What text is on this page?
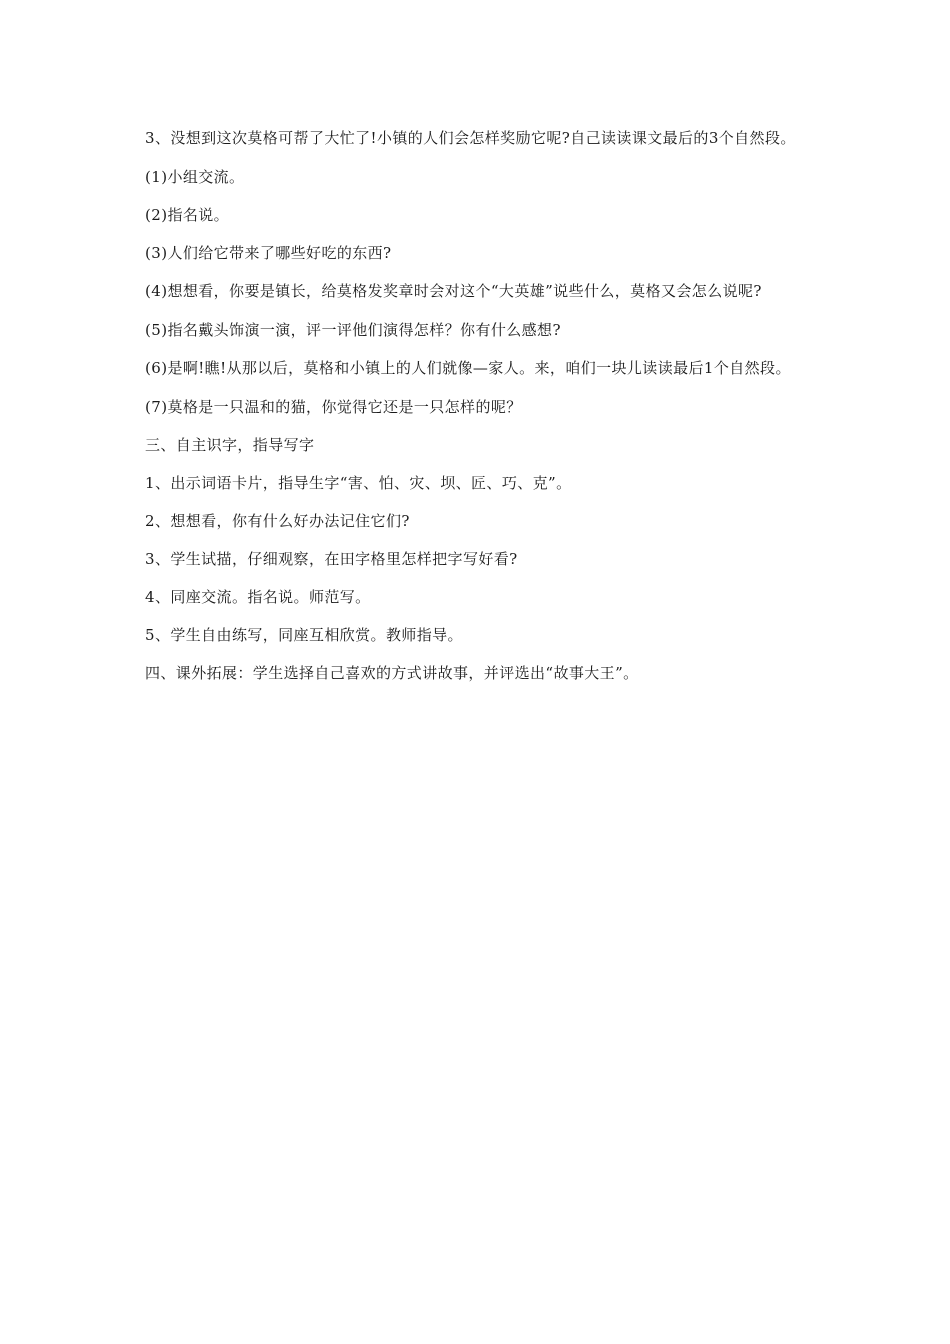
3、没想到这次莫格可帮了大忙了!小镇的人们会怎样奖励它呢?自己读读课文最后的3个自然段。

(1)小组交流。

(2)指名说。

(3)人们给它带来了哪些好吃的东西?

(4)想想看，你要是镇长，给莫格发奖章时会对这个“大英雄”说些什么，莫格又会怎么说呢?

(5)指名戴头饰演一演，评一评他们演得怎样？你有什么感想?

(6)是啊!瞧!从那以后，莫格和小镇上的人们就像—家人。来，咱们一块儿读读最后1个自然段。

(7)莫格是一只温和的猫，你觉得它还是一只怎样的呢？

三、自主识字，指导写字

1、出示词语卡片，指导生字“害、怕、灾、坝、匠、巧、克”。

2、想想看，你有什么好办法记住它们?

3、学生试描，仔细观察，在田字格里怎样把字写好看?

4、同座交流。指名说。师范写。

5、学生自由练写，同座互相欣赏。教师指导。

四、课外拓展：学生选择自己喜欢的方式讲故事，并评选出“故事大王”。
